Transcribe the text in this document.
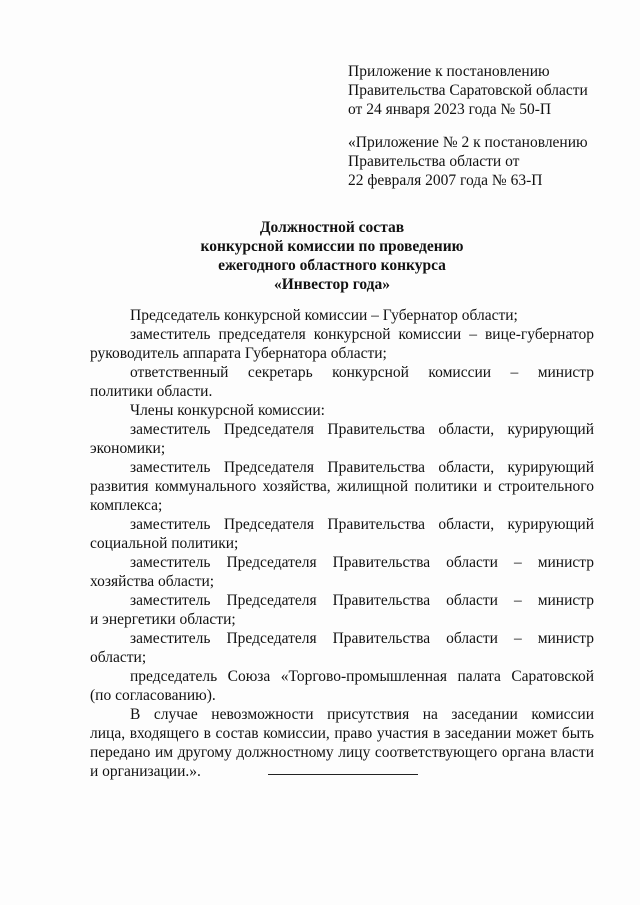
Приложение к постановлению
Правительства Саратовской области
от 24 января 2023 года № 50-П
«Приложение № 2 к постановлению
Правительства области от
22 февраля 2007 года № 63-П
Должностной состав
конкурсной комиссии по проведению
ежегодного областного конкурса
«Инвестор года»
Председатель конкурсной комиссии – Губернатор области;
заместитель председателя конкурсной комиссии – вице-губернатор
руководитель аппарата Губернатора области;
ответственный секретарь конкурсной комиссии – министр
политики области.
Члены конкурсной комиссии:
заместитель Председателя Правительства области, курирующий
экономики;
заместитель Председателя Правительства области, курирующий
развития коммунального хозяйства, жилищной политики и строительного
комплекса;
заместитель Председателя Правительства области, курирующий
социальной политики;
заместитель Председателя Правительства области – министр
хозяйства области;
заместитель Председателя Правительства области – министр
и энергетики области;
заместитель Председателя Правительства области – министр
области;
председатель Союза «Торгово-промышленная палата Саратовской
(по согласованию).
В случае невозможности присутствия на заседании комиссии
лица, входящего в состав комиссии, право участия в заседании может быть
передано им другому должностному лицу соответствующего органа власти
и организации.».
